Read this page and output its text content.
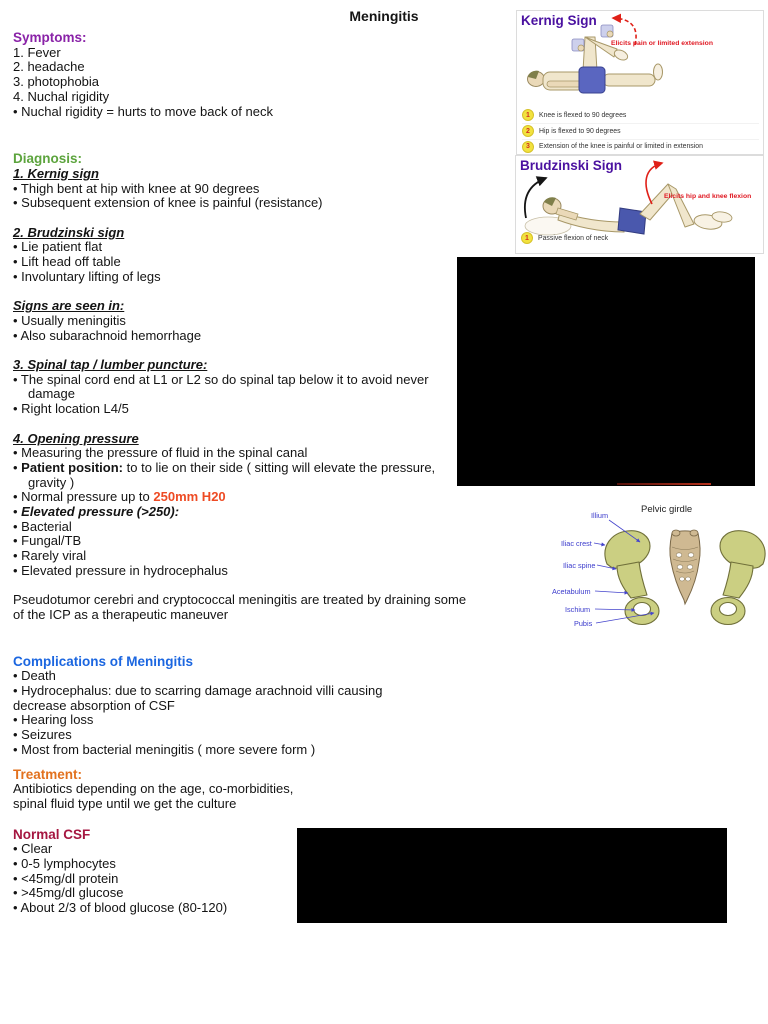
Meningitis
Symptoms:
1. Fever
2. headache
3. photophobia
4. Nuchal rigidity
• Nuchal rigidity = hurts to move back of neck
Diagnosis:
1. Kernig sign
• Thigh bent at hip with knee at 90 degrees
• Subsequent extension of knee is painful (resistance)
2. Brudzinski sign
• Lie patient flat
• Lift head off table
• Involuntary lifting of legs
Signs are seen in:
• Usually meningitis
• Also subarachnoid hemorrhage
3. Spinal tap / lumber puncture:
• The spinal cord end at L1 or L2 so do spinal tap below it to avoid never damage
• Right location L4/5
4. Opening pressure
• Measuring the pressure of fluid in the spinal canal
• Patient position: to to lie on their side ( sitting will elevate the pressure, gravity )
• Normal pressure up to 250mm H20
• Elevated pressure (>250):
• Bacterial
• Fungal/TB
• Rarely viral
• Elevated pressure in hydrocephalus
Pseudotumor cerebri and cryptococcal meningitis are treated by draining some of the ICP as a therapeutic maneuver
Complications of Meningitis
• Death
• Hydrocephalus: due to scarring damage arachnoid villi causing decrease absorption of CSF
• Hearing loss
• Seizures
• Most from bacterial meningitis ( more severe form )
Treatment:
Antibiotics depending on the age, co-morbidities, spinal fluid type until we get the culture
Normal CSF
• Clear
• 0-5 lymphocytes
• <45mg/dl protein
• >45mg/dl glucose
• About 2/3 of blood glucose (80-120)
Kernig Sign
Elicits pain or limited extension
1	Knee is flexed to 90 degrees
2	Hip is flexed to 90 degrees
3	Extension of the knee is painful or limited in extension
Brudzinski Sign
Elicits hip and knee flexion
1	Passive flexion of neck
Pelvic girdle
Illium
Iliac crest
Iliac spine
Acetabulum
Ischium
Pubis
